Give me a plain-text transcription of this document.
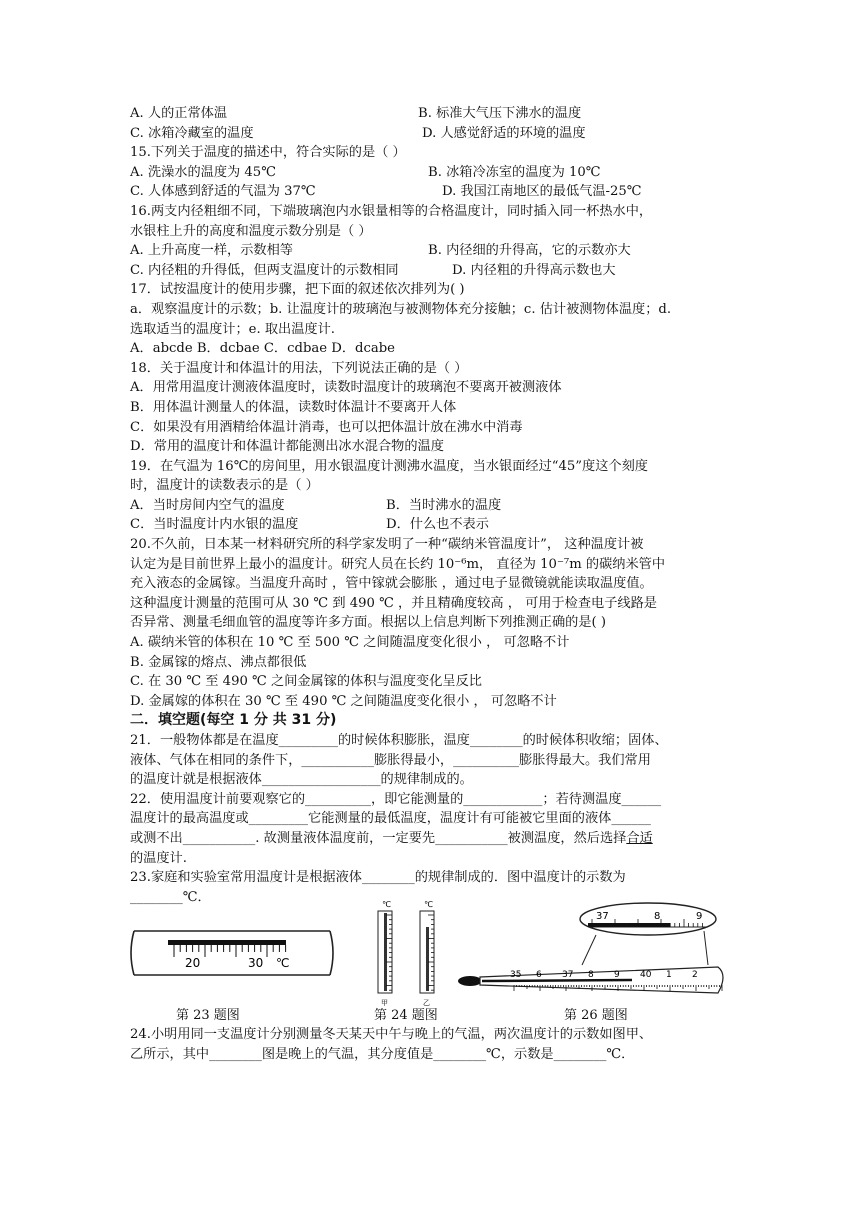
A. 人的正常体温	B. 标准大气压下沸水的温度
C. 冰箱冷藏室的温度	D. 人感觉舒适的环境的温度
15.下列关于温度的描述中，符合实际的是（ ）
A. 洗澡水的温度为 45℃	B. 冰箱冷冻室的温度为 10℃
C. 人体感到舒适的气温为 37℃	D. 我国江南地区的最低气温-25℃
16.两支内径粗细不同，下端玻璃泡内水银量相等的合格温度计，同时插入同一杯热水中，
水银柱上升的高度和温度示数分别是（ ）
A. 上升高度一样，示数相等	B. 内径细的升得高，它的示数亦大
C. 内径粗的升得低，但两支温度计的示数相同	D. 内径粗的升得高示数也大
17．试按温度计的使用步骤，把下面的叙述依次排列为( )
a．观察温度计的示数；b. 让温度计的玻璃泡与被测物体充分接触；c. 估计被测物体温度；d.
选取适当的温度计；e. 取出温度计.
A．abcde B．dcbae C．cdbae D．dcabe
18．关于温度计和体温计的用法，下列说法正确的是（ ）
A．用常用温度计测液体温度时，读数时温度计的玻璃泡不要离开被测液体
B．用体温计测量人的体温，读数时体温计不要离开人体
C．如果没有用酒精给体温计消毒，也可以把体温计放在沸水中消毒
D．常用的温度计和体温计都能测出冰水混合物的温度
19．在气温为 16℃的房间里，用水银温度计测沸水温度，当水银面经过“45”度这个刻度
时，温度计的读数表示的是（ ）
A．当时房间内空气的温度	B．当时沸水的温度
C．当时温度计内水银的温度	D．什么也不表示
20.不久前，日本某一材料研究所的科学家发明了一种“碳纳米管温度计”， 这种温度计被
认定为是目前世界上最小的温度计。研究人员在长约 10⁻⁶m， 直径为 10⁻⁷m 的碳纳米管中
充入液态的金属镓。当温度升高时 ，管中镓就会膨胀 ，通过电子显微镜就能读取温度值。
这种温度计测量的范围可从 30 ℃ 到 490 ℃ ，并且精确度较高 ， 可用于检查电子线路是
否异常、测量毛细血管的温度等许多方面。根据以上信息判断下列推测正确的是( )
A. 碳纳米管的体积在 10 ℃ 至 500 ℃ 之间随温度变化很小 ， 可忽略不计
B. 金属镓的熔点、沸点都很低
C. 在 30 ℃ 至 490 ℃ 之间金属镓的体积与温度变化呈反比
D. 金属嫁的体积在 30 ℃ 至 490 ℃ 之间随温度变化很小 ， 可忽略不计
二．填空题(每空 1 分 共 31 分)
21．一般物体都是在温度_________的时候体积膨胀，温度________的时候体积收缩；固体、
液体、气体在相同的条件下，___________膨胀得最小，__________膨胀得最大。我们常用
的温度计就是根据液体__________________的规律制成的。
22．使用温度计前要观察它的__________，即它能测量的____________；若待测温度______
温度计的最高温度或_________它能测量的最低温度，温度计有可能被它里面的液体______
或测不出___________. 故测量液体温度前，一定要先___________被测温度，然后选择合适
的温度计.
23.家庭和实验室常用温度计是根据液体________的规律制成的．图中温度计的示数为
________℃．
20	30 ℃
℃	℃
甲	乙
37	8	9
35 6 37 8 9 40 1 2
第 23 题图	第 24 题图	第 26 题图
24.小明用同一支温度计分别测量冬天某天中午与晚上的气温，两次温度计的示数如图甲、
乙所示，其中________图是晚上的气温，其分度值是________℃，示数是________℃．
